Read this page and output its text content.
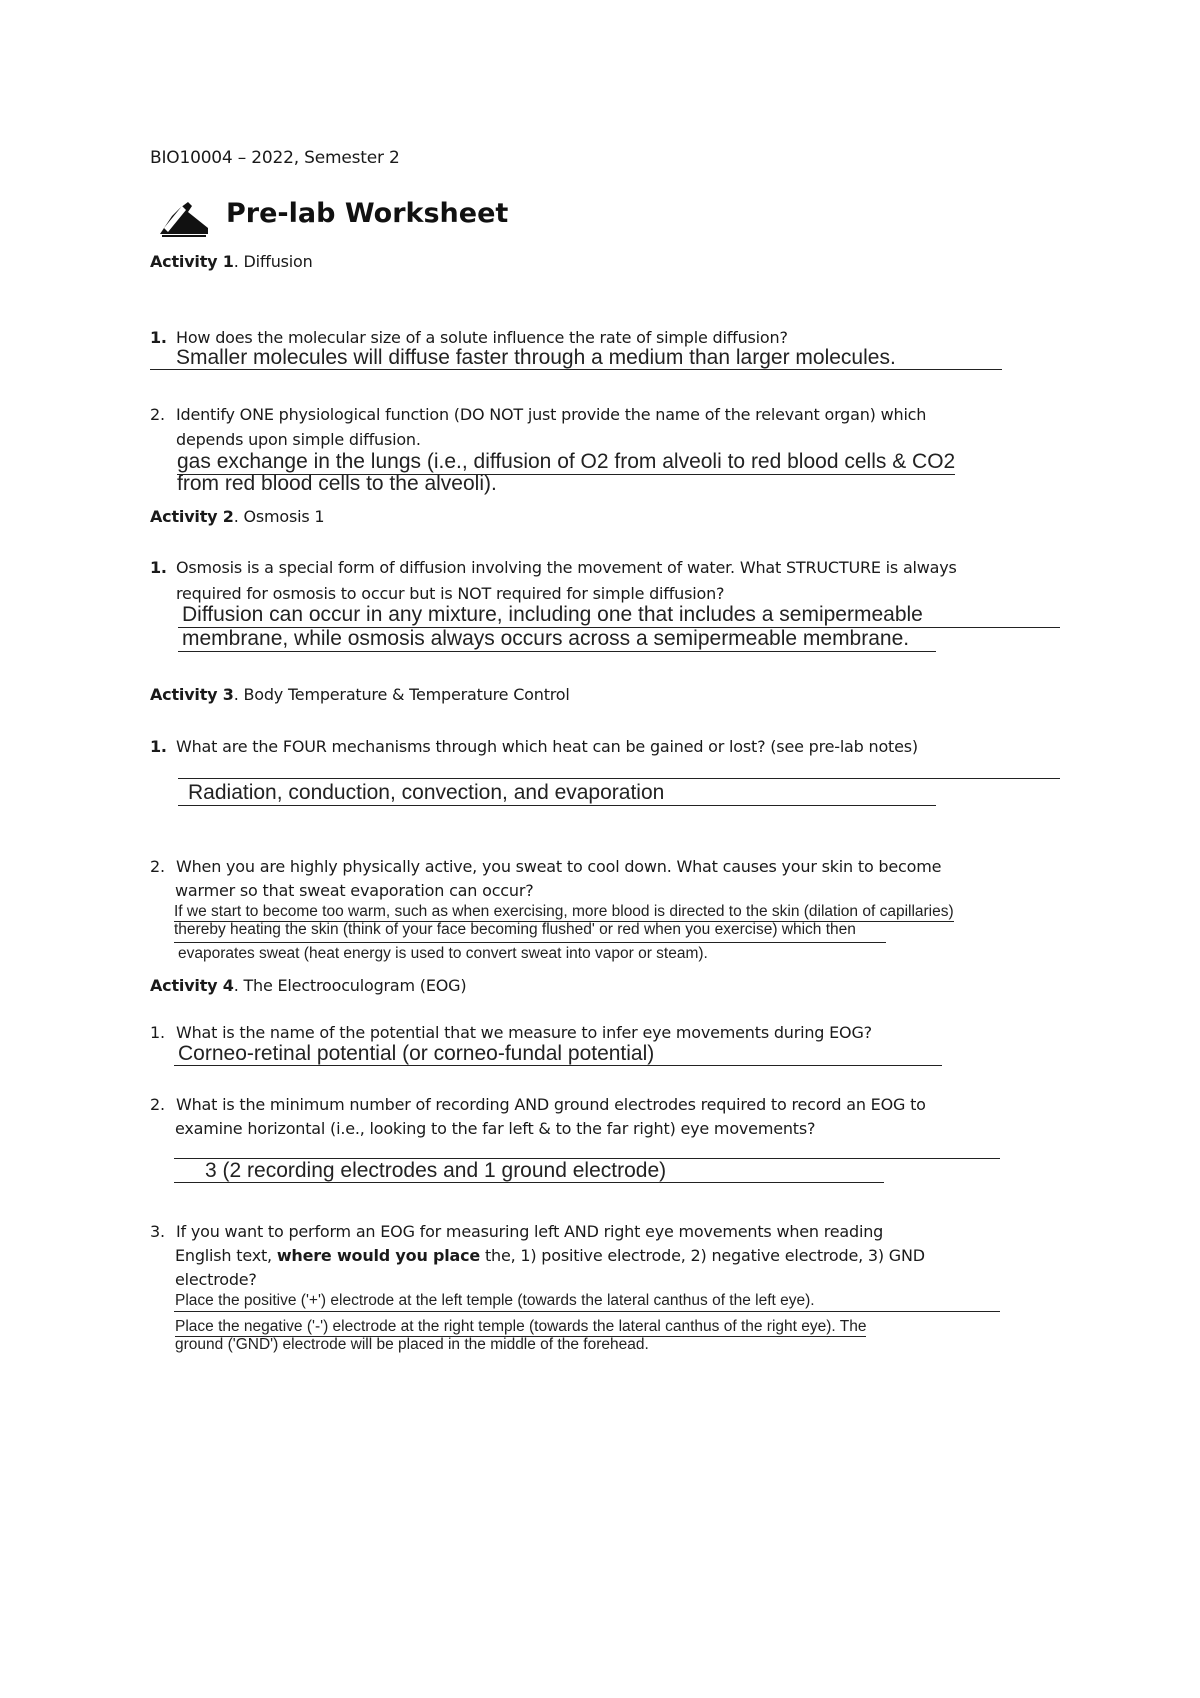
BIO10004 – 2022, Semester 2
Pre-lab Worksheet
Activity 1. Diffusion
1. How does the molecular size of a solute influence the rate of simple diffusion?
Smaller molecules will diffuse faster through a medium than larger molecules.
2. Identify ONE physiological function (DO NOT just provide the name of the relevant organ) which
depends upon simple diffusion.
gas exchange in the lungs (i.e., diffusion of O2 from alveoli to red blood cells & CO2
from red blood cells to the alveoli).
Activity 2. Osmosis 1
1. Osmosis is a special form of diffusion involving the movement of water. What STRUCTURE is always
required for osmosis to occur but is NOT required for simple diffusion?
Diffusion can occur in any mixture, including one that includes a semipermeable
membrane, while osmosis always occurs across a semipermeable membrane.
Activity 3. Body Temperature & Temperature Control
1. What are the FOUR mechanisms through which heat can be gained or lost? (see pre-lab notes)
Radiation, conduction, convection, and evaporation
2. When you are highly physically active, you sweat to cool down. What causes your skin to become
warmer so that sweat evaporation can occur?
If we start to become too warm, such as when exercising, more blood is directed to the skin (dilation of capillaries)
thereby heating the skin (think of your face becoming flushed' or red when you exercise) which then
evaporates sweat (heat energy is used to convert sweat into vapor or steam).
Activity 4. The Electrooculogram (EOG)
1. What is the name of the potential that we measure to infer eye movements during EOG?
Corneo-retinal potential (or corneo-fundal potential)
2. What is the minimum number of recording AND ground electrodes required to record an EOG to
examine horizontal (i.e., looking to the far left & to the far right) eye movements?
3 (2 recording electrodes and 1 ground electrode)
3. If you want to perform an EOG for measuring left AND right eye movements when reading
English text, where would you place the, 1) positive electrode, 2) negative electrode, 3) GND
electrode?
Place the positive ('+') electrode at the left temple (towards the lateral canthus of the left eye).
Place the negative ('-') electrode at the right temple (towards the lateral canthus of the right eye). The
ground ('GND') electrode will be placed in the middle of the forehead.
